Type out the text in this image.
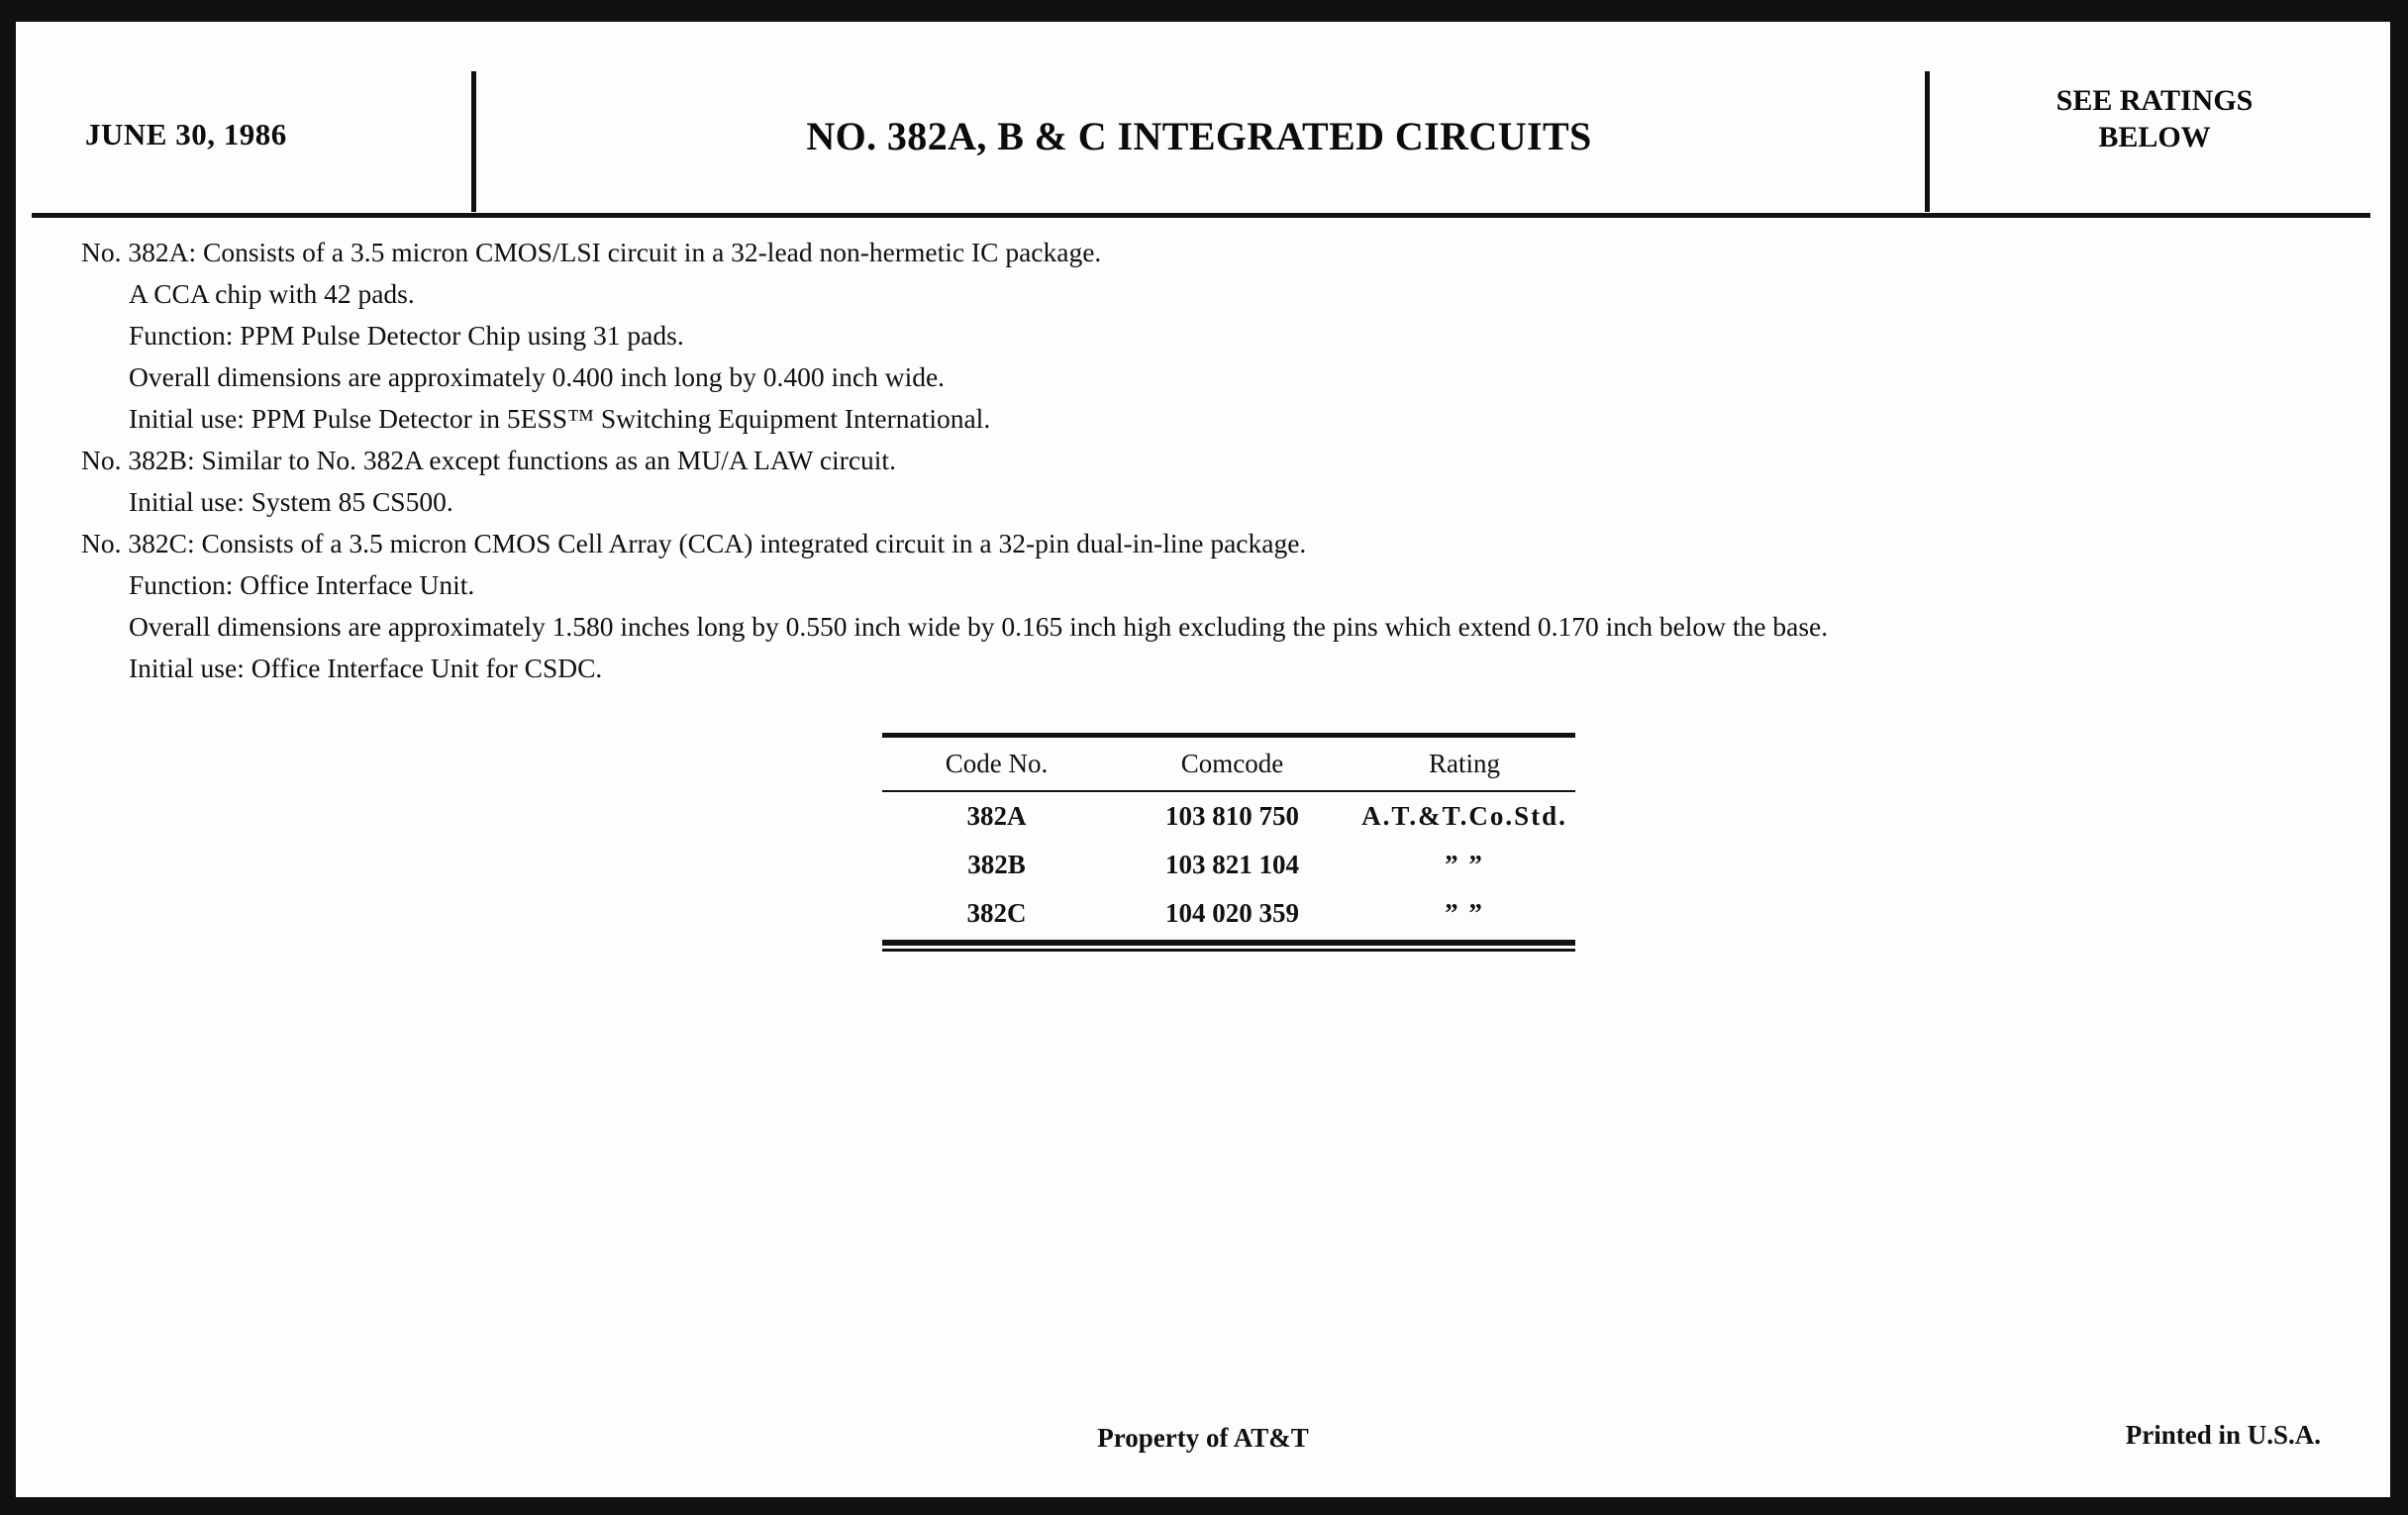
JUNE 30, 1986	NO. 382A, B & C INTEGRATED CIRCUITS
SEE RATINGS
BELOW
No. 382A: Consists of a 3.5 micron CMOS/LSI circuit in a 32-lead non-hermetic IC package.
A CCA chip with 42 pads.
Function: PPM Pulse Detector Chip using 31 pads.
Overall dimensions are approximately 0.400 inch long by 0.400 inch wide.
Initial use: PPM Pulse Detector in 5ESS™ Switching Equipment International.
No. 382B: Similar to No. 382A except functions as an MU/A LAW circuit.
Initial use: System 85 CS500.
No. 382C: Consists of a 3.5 micron CMOS Cell Array (CCA) integrated circuit in a 32-pin dual-in-line package.
Function: Office Interface Unit.
Overall dimensions are approximately 1.580 inches long by 0.550 inch wide by 0.165 inch high excluding the pins which extend 0.170 inch below the base.
Initial use: Office Interface Unit for CSDC.
Code No.	Comcode	Rating
382A	103 810 750	A.T.&T.Co.Std.
382B	103 821 104	” ”
382C	104 020 359	” ”
Property of AT&T	Printed in U.S.A.
